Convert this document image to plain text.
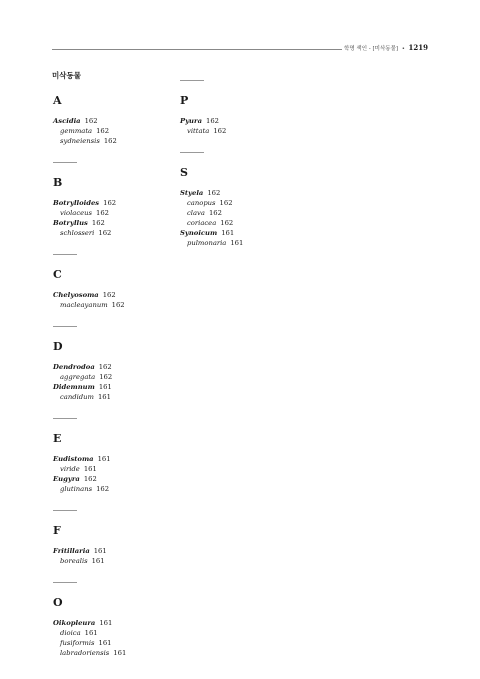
학명 색인 - [미삭동물] • 1219
미삭동물
A
Ascidia 162
gemmata 162
sydneiensis 162
B
Botrylloides 162
violaceus 162
Botryllus 162
schlosseri 162
C
Chelyosoma 162
macleayanum 162
D
Dendrodoa 162
aggregata 162
Didemnum 161
candidum 161
E
Eudistoma 161
viride 161
Eugyra 162
glutinans 162
F
Fritillaria 161
borealis 161
O
Oikopleura 161
dioica 161
fusiformis 161
labradoriensis 161
P
Pyura 162
vittata 162
S
Styela 162
canopus 162
clava 162
coriacea 162
Synoicum 161
pulmonaria 161
